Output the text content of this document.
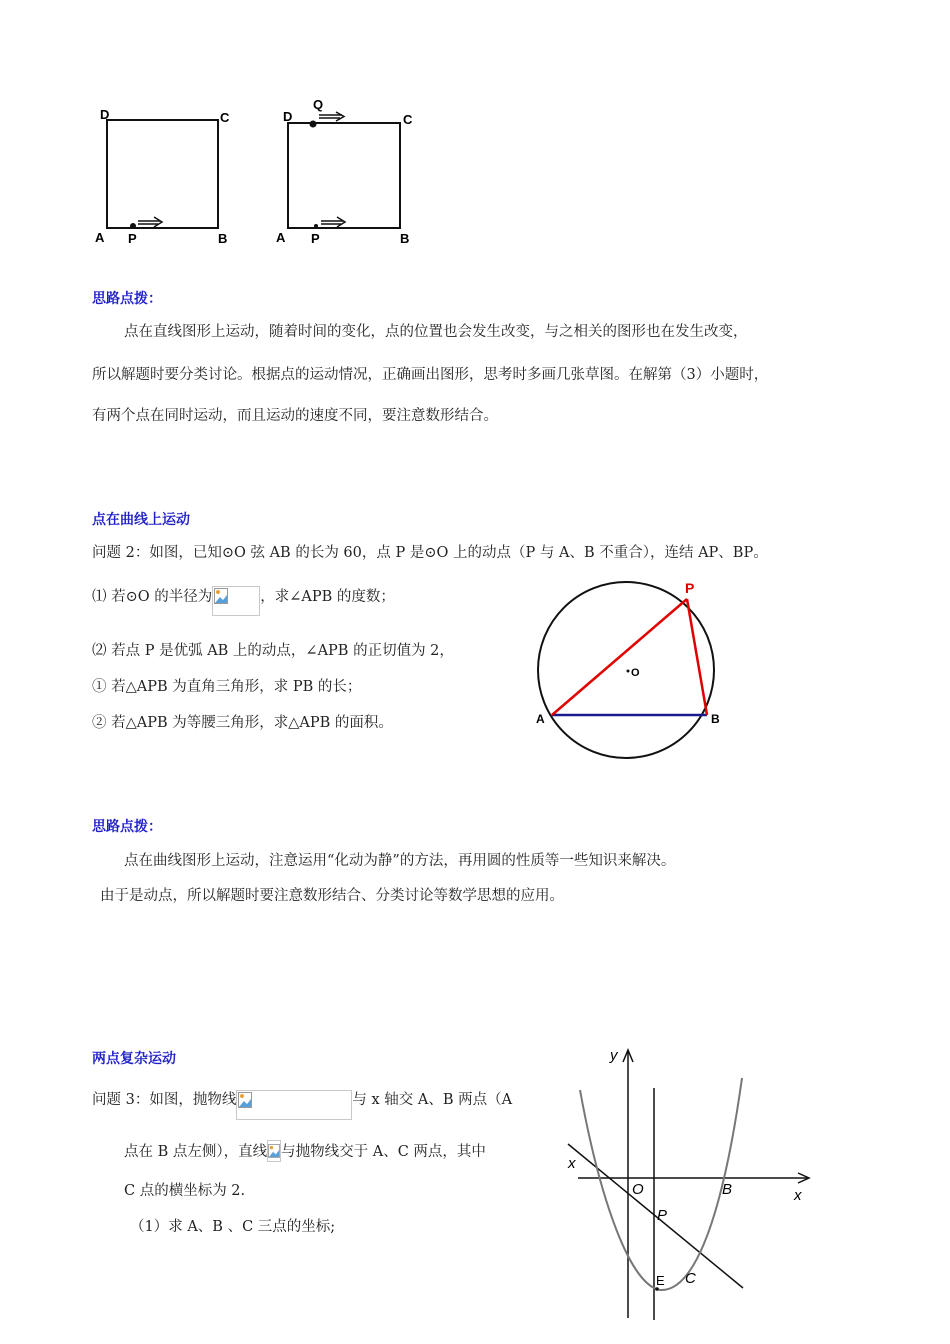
D	C
A P	B
Q
D	C
A P	B
思路点拨：
点在直线图形上运动，随着时间的变化，点的位置也会发生改变，与之相关的图形也在发生改变，
所以解题时要分类讨论。根据点的运动情况，正确画出图形，思考时多画几张草图。在解第（3）小题时，
有两个点在同时运动，而且运动的速度不同，要注意数形结合。
点在曲线上运动
问题 2：如图，已知⊙O 弦 AB 的长为 60，点 P 是⊙O 上的动点（P 与 A、B 不重合），连结 AP、BP。
⑴ 若⊙O 的半径为	，求∠APB 的度数；
⑵ 若点 P 是优弧 AB 上的动点，∠APB 的正切值为 2，
① 若△APB 为直角三角形，求 PB 的长；
② 若△APB 为等腰三角形，求△APB 的面积。
P
O
A	B
思路点拨：
点在曲线图形上运动，注意运用“化动为静”的方法，再用圆的性质等一些知识来解决。
由于是动点，所以解题时要注意数形结合、分类讨论等数学思想的应用。
两点复杂运动
问题 3：如图，抛物线	与 x 轴交 A、B 两点（A
点在 B 点左侧），直线 与抛物线交于 A、C 两点，其中
C 点的横坐标为 2.
（1）求 A、B 、C 三点的坐标;
y
x
x
O	B
P
E C
